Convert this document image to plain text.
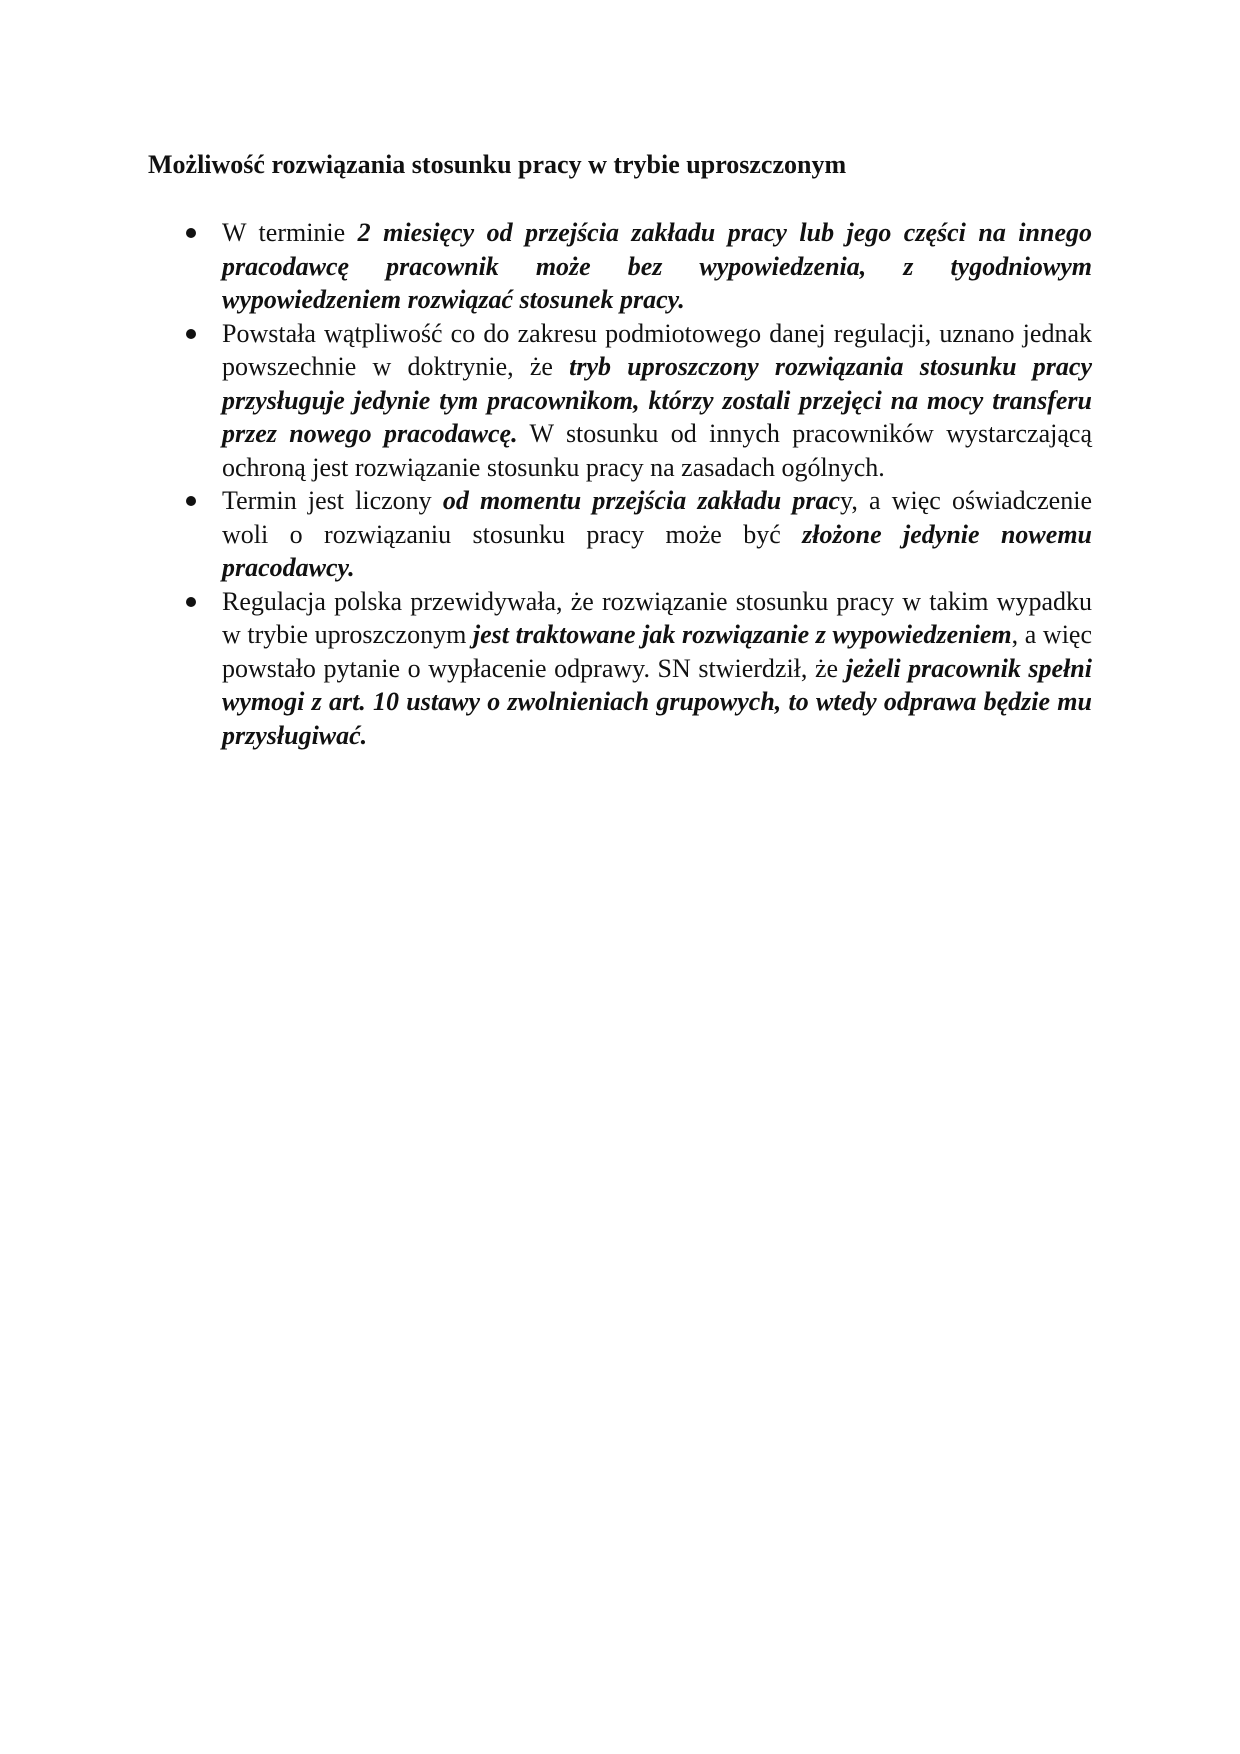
Możliwość rozwiązania stosunku pracy w trybie uproszczonym
W terminie 2 miesięcy od przejścia zakładu pracy lub jego części na innego pracodawcę pracownik może bez wypowiedzenia, z tygodniowym wypowiedzeniem rozwiązać stosunek pracy.
Powstała wątpliwość co do zakresu podmiotowego danej regulacji, uznano jednak powszechnie w doktrynie, że tryb uproszczony rozwiązania stosunku pracy przysługuje jedynie tym pracownikom, którzy zostali przejęci na mocy transferu przez nowego pracodawcę. W stosunku od innych pracowników wystarczającą ochroną jest rozwiązanie stosunku pracy na zasadach ogólnych.
Termin jest liczony od momentu przejścia zakładu pracy, a więc oświadczenie woli o rozwiązaniu stosunku pracy może być złożone jedynie nowemu pracodawcy.
Regulacja polska przewidywała, że rozwiązanie stosunku pracy w takim wypadku w trybie uproszczonym jest traktowane jak rozwiązanie z wypowiedzeniem, a więc powstało pytanie o wypłacenie odprawy. SN stwierdził, że jeżeli pracownik spełni wymogi z art. 10 ustawy o zwolnieniach grupowych, to wtedy odprawa będzie mu przysługiwać.
